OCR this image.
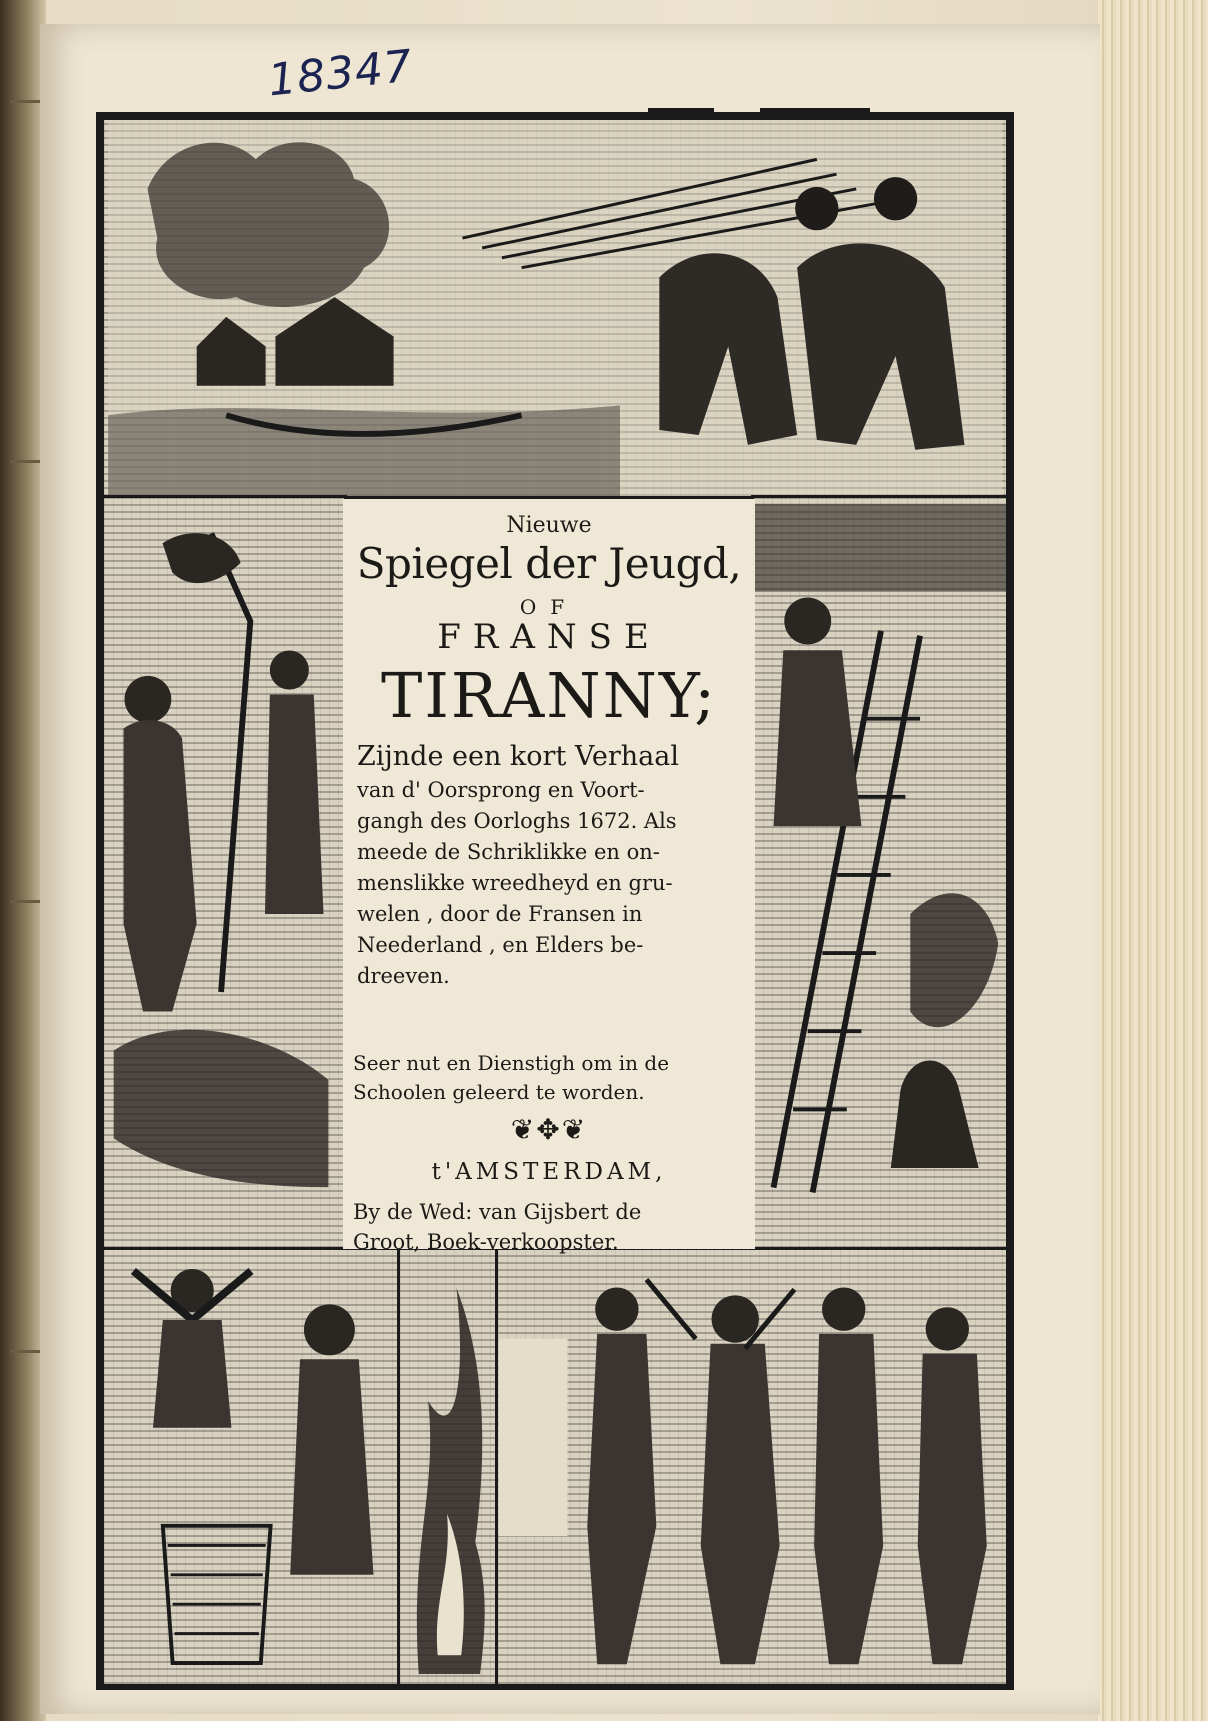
18347
Nieuwe
Spiegel der Jeugd,
OF
FRANSE
TIRANNY;
Zijnde een kort Verhaal
van d' Oorsprong en Voort-
gangh des Oorloghs 1672. Als
meede de Schriklikke en on-
menslikke wreedheyd en gru-
welen , door de Fransen in
Neederland , en Elders be-
dreeven.
Seer nut en Dienstigh om in de
Schoolen geleerd te worden.
❦✥❦
t'AMSTERDAM,
By de Wed: van Gijsbert de
Groot, Boek-verkoopster.
